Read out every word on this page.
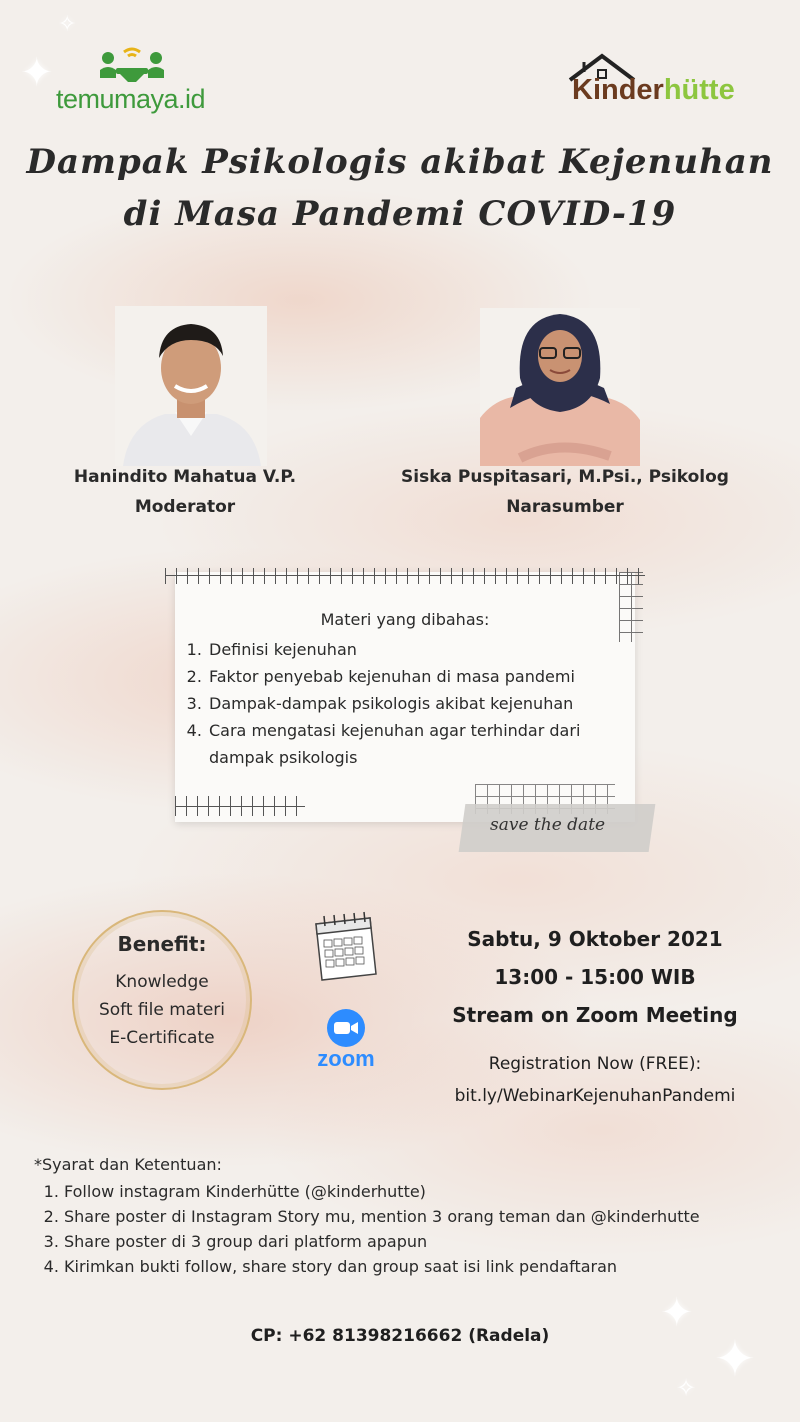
✦
✧
✦
✦
✧
temumaya.id	Kinderhütte
Dampak Psikologis akibat Kejenuhan
di Masa Pandemi COVID-19
Hanindito Mahatua V.P.
Moderator
Siska Puspitasari, M.Psi., Psikolog
Narasumber
Materi yang dibahas:
1. Definisi kejenuhan
2. Faktor penyebab kejenuhan di masa pandemi
3. Dampak-dampak psikologis akibat kejenuhan
4. Cara mengatasi kejenuhan agar terhindar dari dampak psikologis
save the date
Benefit:
Knowledge
Soft file materi
E-Certificate
zoom
Sabtu, 9 Oktober 2021
13:00 - 15:00 WIB
Stream on Zoom Meeting
Registration Now (FREE):
bit.ly/WebinarKejenuhanPandemi
*Syarat dan Ketentuan:
1. Follow instagram Kinderhütte (@kinderhutte)
2. Share poster di Instagram Story mu, mention 3 orang teman dan @kinderhutte
3. Share poster di 3 group dari platform apapun
4. Kirimkan bukti follow, share story dan group saat isi link pendaftaran
CP: +62 81398216662 (Radela)
